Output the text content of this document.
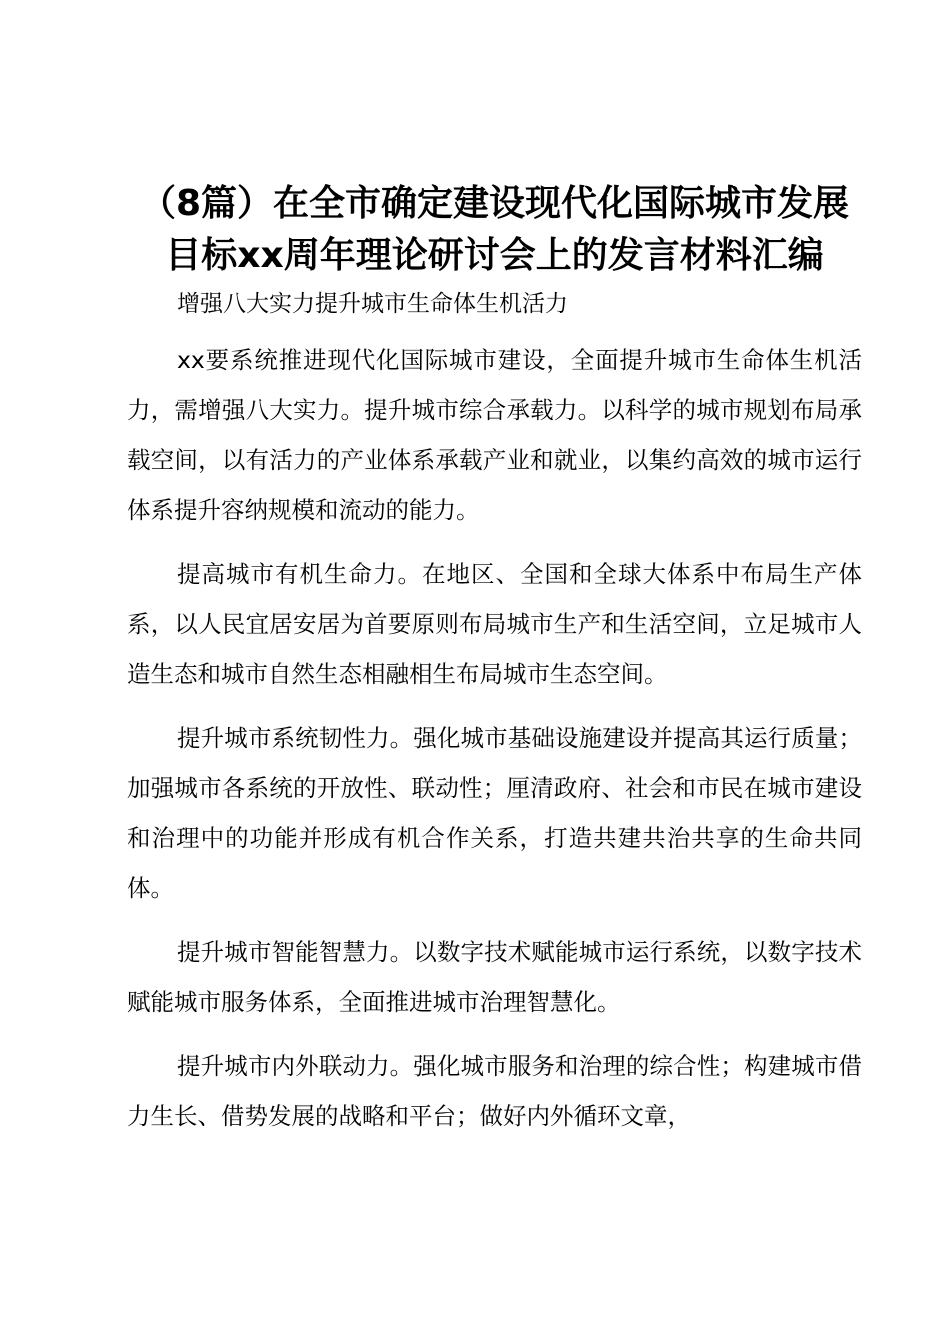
（8篇）在全市确定建设现代化国际城市发展目标xx周年理论研讨会上的发言材料汇编

增强八大实力提升城市生命体生机活力

xx要系统推进现代化国际城市建设，全面提升城市生命体生机活力，需增强八大实力。提升城市综合承载力。以科学的城市规划布局承载空间，以有活力的产业体系承载产业和就业，以集约高效的城市运行体系提升容纳规模和流动的能力。

提高城市有机生命力。在地区、全国和全球大体系中布局生产体系，以人民宜居安居为首要原则布局城市生产和生活空间，立足城市人造生态和城市自然生态相融相生布局城市生态空间。

提升城市系统韧性力。强化城市基础设施建设并提高其运行质量；加强城市各系统的开放性、联动性；厘清政府、社会和市民在城市建设和治理中的功能并形成有机合作关系，打造共建共治共享的生命共同体。

提升城市智能智慧力。以数字技术赋能城市运行系统，以数字技术赋能城市服务体系，全面推进城市治理智慧化。

提升城市内外联动力。强化城市服务和治理的综合性；构建城市借力生长、借势发展的战略和平台；做好内外循环文章，
